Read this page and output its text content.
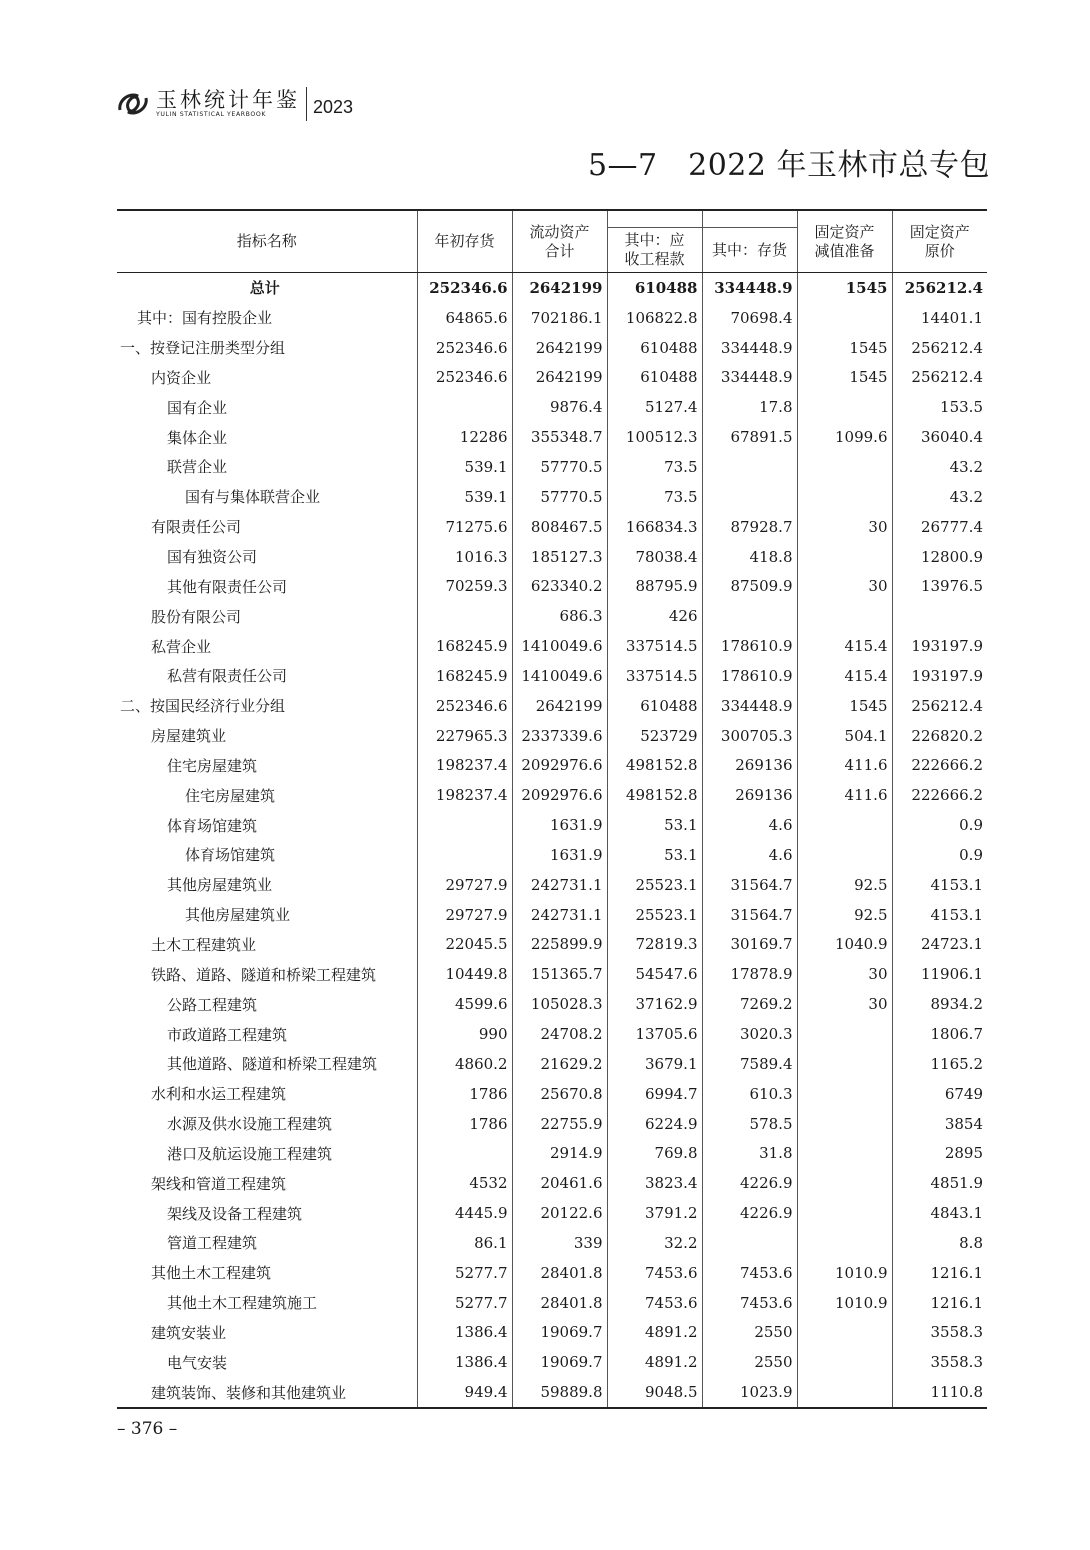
玉林统计年鉴
YULIN STATISTICAL YEARBOOK	2023
5—7　2022 年玉林市总专包
指标名称	年初存货	流动资产合计			固定资产减值准备	固定资产原价
			其中：应收工程款	其中：存货		
总计	252346.6	2642199	610488	334448.9	1545	256212.4
其中：国有控股企业	64865.6	702186.1	106822.8	70698.4		14401.1
一、按登记注册类型分组	252346.6	2642199	610488	334448.9	1545	256212.4
内资企业	252346.6	2642199	610488	334448.9	1545	256212.4
国有企业		9876.4	5127.4	17.8		153.5
集体企业	12286	355348.7	100512.3	67891.5	1099.6	36040.4
联营企业	539.1	57770.5	73.5			43.2
国有与集体联营企业	539.1	57770.5	73.5			43.2
有限责任公司	71275.6	808467.5	166834.3	87928.7	30	26777.4
国有独资公司	1016.3	185127.3	78038.4	418.8		12800.9
其他有限责任公司	70259.3	623340.2	88795.9	87509.9	30	13976.5
股份有限公司		686.3	426			
私营企业	168245.9	1410049.6	337514.5	178610.9	415.4	193197.9
私营有限责任公司	168245.9	1410049.6	337514.5	178610.9	415.4	193197.9
二、按国民经济行业分组	252346.6	2642199	610488	334448.9	1545	256212.4
房屋建筑业	227965.3	2337339.6	523729	300705.3	504.1	226820.2
住宅房屋建筑	198237.4	2092976.6	498152.8	269136	411.6	222666.2
住宅房屋建筑	198237.4	2092976.6	498152.8	269136	411.6	222666.2
体育场馆建筑		1631.9	53.1	4.6		0.9
体育场馆建筑		1631.9	53.1	4.6		0.9
其他房屋建筑业	29727.9	242731.1	25523.1	31564.7	92.5	4153.1
其他房屋建筑业	29727.9	242731.1	25523.1	31564.7	92.5	4153.1
土木工程建筑业	22045.5	225899.9	72819.3	30169.7	1040.9	24723.1
铁路、道路、隧道和桥梁工程建筑	10449.8	151365.7	54547.6	17878.9	30	11906.1
公路工程建筑	4599.6	105028.3	37162.9	7269.2	30	8934.2
市政道路工程建筑	990	24708.2	13705.6	3020.3		1806.7
其他道路、隧道和桥梁工程建筑	4860.2	21629.2	3679.1	7589.4		1165.2
水利和水运工程建筑	1786	25670.8	6994.7	610.3		6749
水源及供水设施工程建筑	1786	22755.9	6224.9	578.5		3854
港口及航运设施工程建筑		2914.9	769.8	31.8		2895
架线和管道工程建筑	4532	20461.6	3823.4	4226.9		4851.9
架线及设备工程建筑	4445.9	20122.6	3791.2	4226.9		4843.1
管道工程建筑	86.1	339	32.2			8.8
其他土木工程建筑	5277.7	28401.8	7453.6	7453.6	1010.9	1216.1
其他土木工程建筑施工	5277.7	28401.8	7453.6	7453.6	1010.9	1216.1
建筑安装业	1386.4	19069.7	4891.2	2550		3558.3
电气安装	1386.4	19069.7	4891.2	2550		3558.3
建筑装饰、装修和其他建筑业	949.4	59889.8	9048.5	1023.9		1110.8
– 376 –
